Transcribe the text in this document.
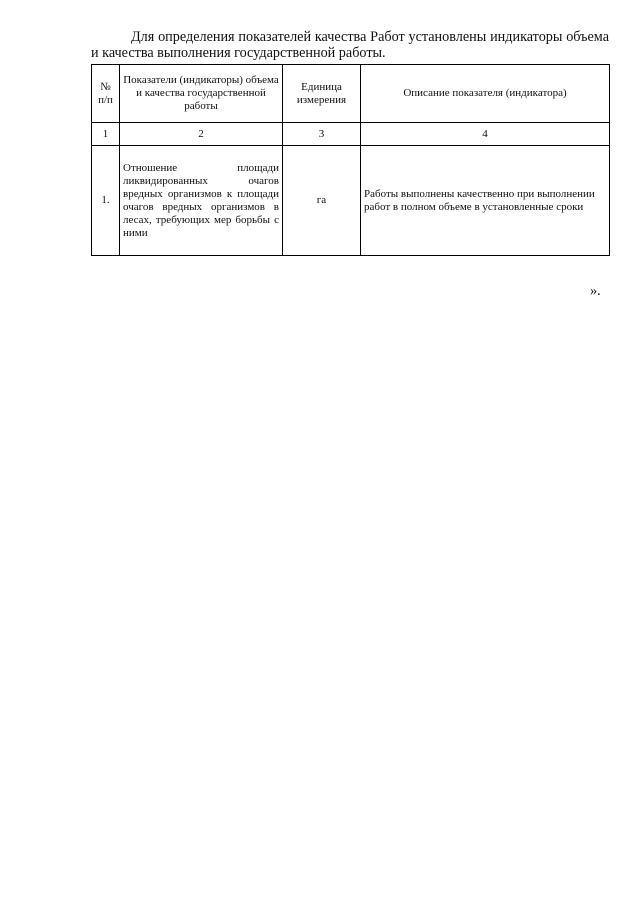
Для определения показателей качества Работ установлены индикаторы объема и качества выполнения государственной работы.

№ п/п	Показатели (индикаторы) объема и качества государственной работы	Единица измерения	Описание показателя (индикатора)
1	2	3	4
1.	Отношение площади ликвидированных очагов вредных организмов к площади очагов вредных организмов в лесах, требующих мер борьбы с ними	га	Работы выполнены качественно при выполнении работ в полном объеме в установленные сроки
».
